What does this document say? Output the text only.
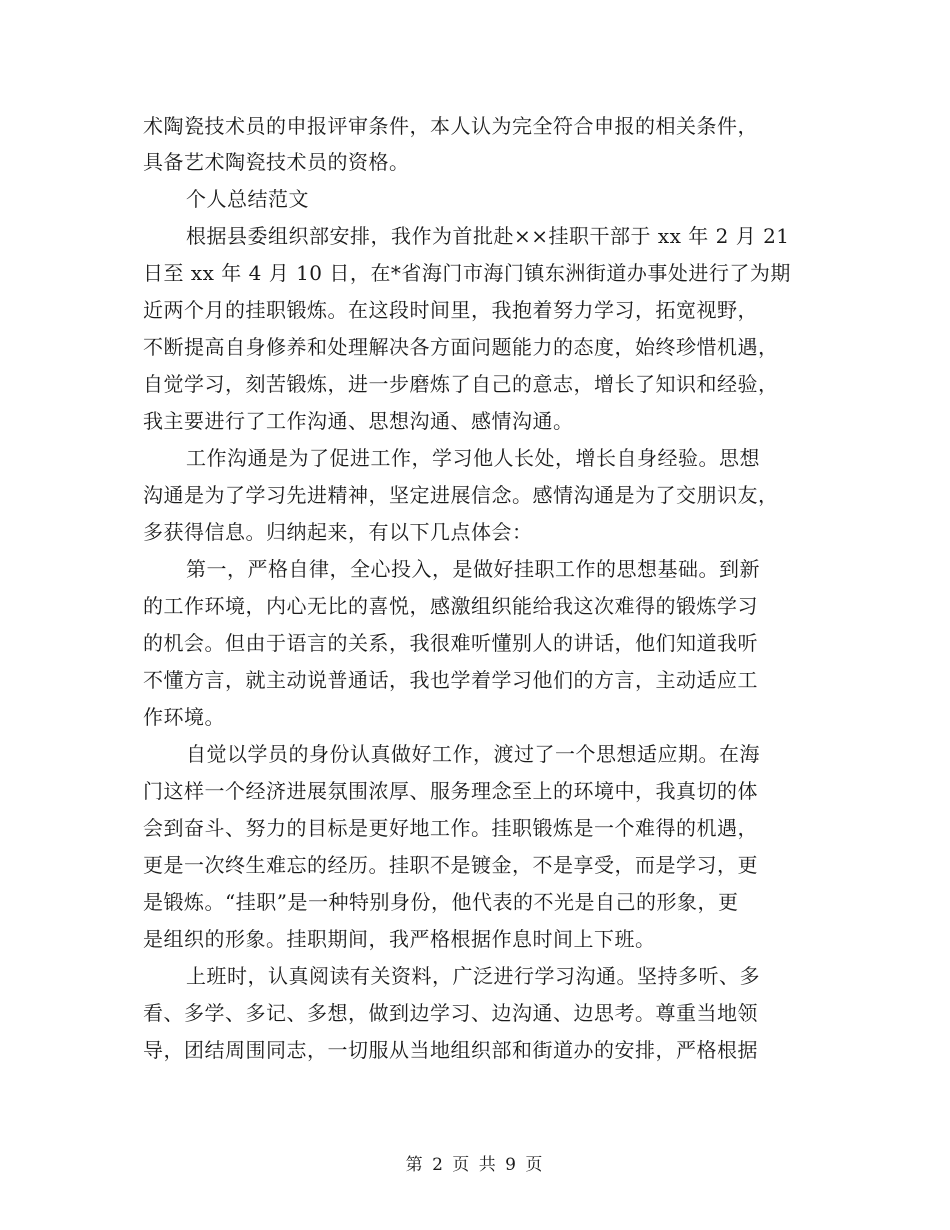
术陶瓷技术员的申报评审条件，本人认为完全符合申报的相关条件，
具备艺术陶瓷技术员的资格。
个人总结范文
根据县委组织部安排，我作为首批赴××挂职干部于 xx 年 2 月 21
日至 xx 年 4 月 10 日，在*省海门市海门镇东洲街道办事处进行了为期
近两个月的挂职锻炼。在这段时间里，我抱着努力学习，拓宽视野，
不断提高自身修养和处理解决各方面问题能力的态度，始终珍惜机遇，
自觉学习，刻苦锻炼，进一步磨炼了自己的意志，增长了知识和经验，
我主要进行了工作沟通、思想沟通、感情沟通。
工作沟通是为了促进工作，学习他人长处，增长自身经验。思想
沟通是为了学习先进精神，坚定进展信念。感情沟通是为了交朋识友，
多获得信息。归纳起来，有以下几点体会：
第一，严格自律，全心投入，是做好挂职工作的思想基础。到新
的工作环境，内心无比的喜悦，感激组织能给我这次难得的锻炼学习
的机会。但由于语言的关系，我很难听懂别人的讲话，他们知道我听
不懂方言，就主动说普通话，我也学着学习他们的方言，主动适应工
作环境。
自觉以学员的身份认真做好工作，渡过了一个思想适应期。在海
门这样一个经济进展氛围浓厚、服务理念至上的环境中，我真切的体
会到奋斗、努力的目标是更好地工作。挂职锻炼是一个难得的机遇，
更是一次终生难忘的经历。挂职不是镀金，不是享受，而是学习，更
是锻炼。“挂职”是一种特别身份，他代表的不光是自己的形象，更
是组织的形象。挂职期间，我严格根据作息时间上下班。
上班时，认真阅读有关资料，广泛进行学习沟通。坚持多听、多
看、多学、多记、多想，做到边学习、边沟通、边思考。尊重当地领
导，团结周围同志，一切服从当地组织部和街道办的安排，严格根据
第 2 页 共 9 页
